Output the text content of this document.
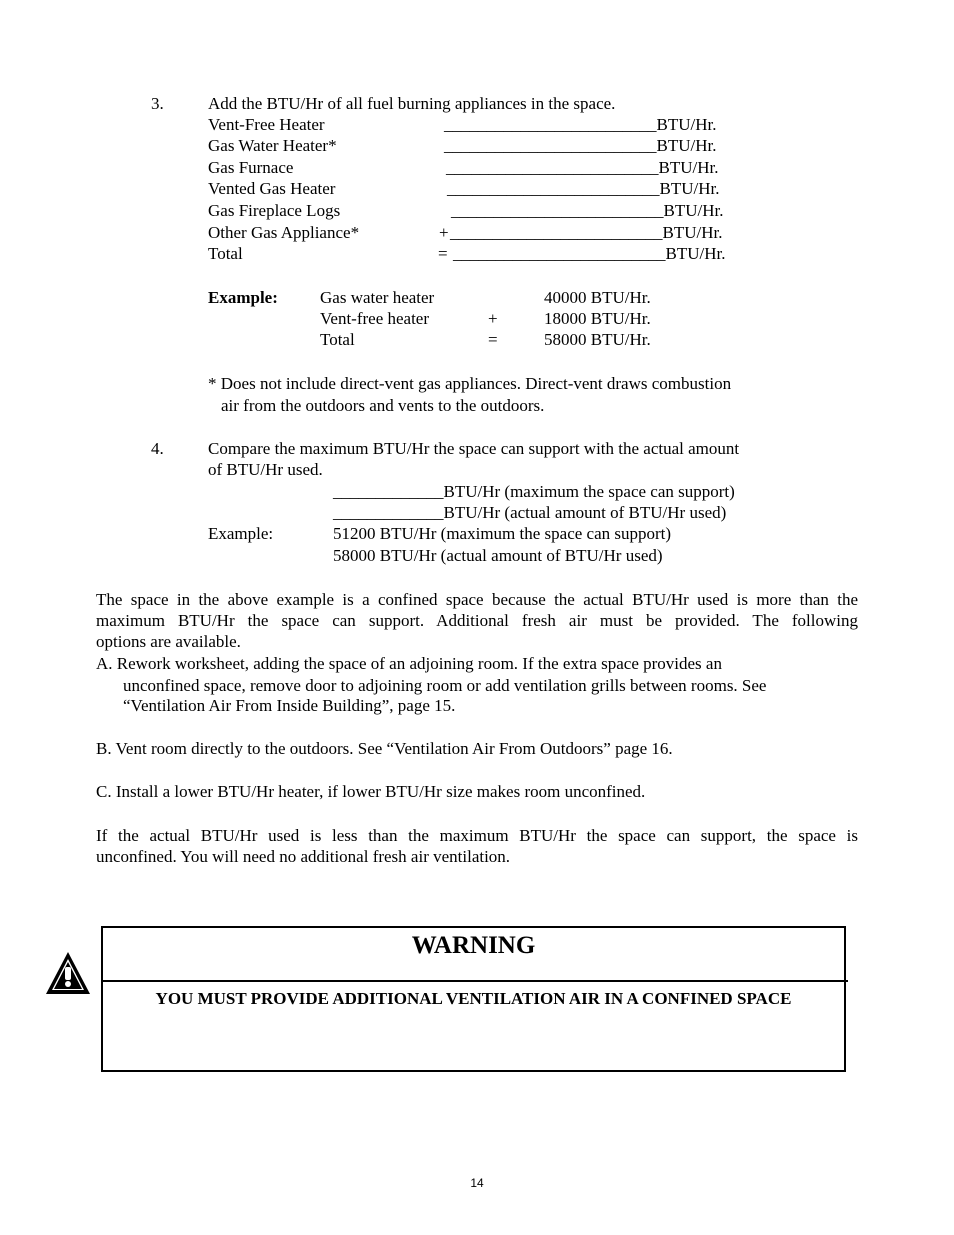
3.	Add the BTU/Hr of all fuel burning appliances in the space.
Vent-Free Heater	_________________________BTU/Hr.
Gas Water Heater*	_________________________BTU/Hr.
Gas Furnace	_________________________BTU/Hr.
Vented Gas Heater	_________________________BTU/Hr.
Gas Fireplace Logs	_________________________BTU/Hr.
Other Gas Appliance*	+ _________________________BTU/Hr.
Total	= _________________________BTU/Hr.
Example: Gas water heater	40000 BTU/Hr.
Vent-free heater	+	18000 BTU/Hr.
Total	=	58000 BTU/Hr.
* Does not include direct-vent gas appliances. Direct-vent draws combustion
air from the outdoors and vents to the outdoors.
4.	Compare the maximum BTU/Hr the space can support with the actual amount
of BTU/Hr used.
_____________BTU/Hr (maximum the space can support)
_____________BTU/Hr (actual amount of BTU/Hr used)
Example:	51200 BTU/Hr (maximum the space can support)
58000 BTU/Hr (actual amount of BTU/Hr used)
The space in the above example is a confined space because the actual BTU/Hr used is more than the
maximum BTU/Hr the space can support. Additional fresh air must be provided. The following
options are available.
A. Rework worksheet, adding the space of an adjoining room. If the extra space provides an
unconfined space, remove door to adjoining room or add ventilation grills between rooms. See
“Ventilation Air From Inside Building”, page 15.
B. Vent room directly to the outdoors. See “Ventilation Air From Outdoors” page 16.
C. Install a lower BTU/Hr heater, if lower BTU/Hr size makes room unconfined.
If the actual BTU/Hr used is less than the maximum BTU/Hr the space can support, the space is
unconfined. You will need no additional fresh air ventilation.
WARNING
YOU MUST PROVIDE ADDITIONAL VENTILATION AIR IN A CONFINED SPACE
14
